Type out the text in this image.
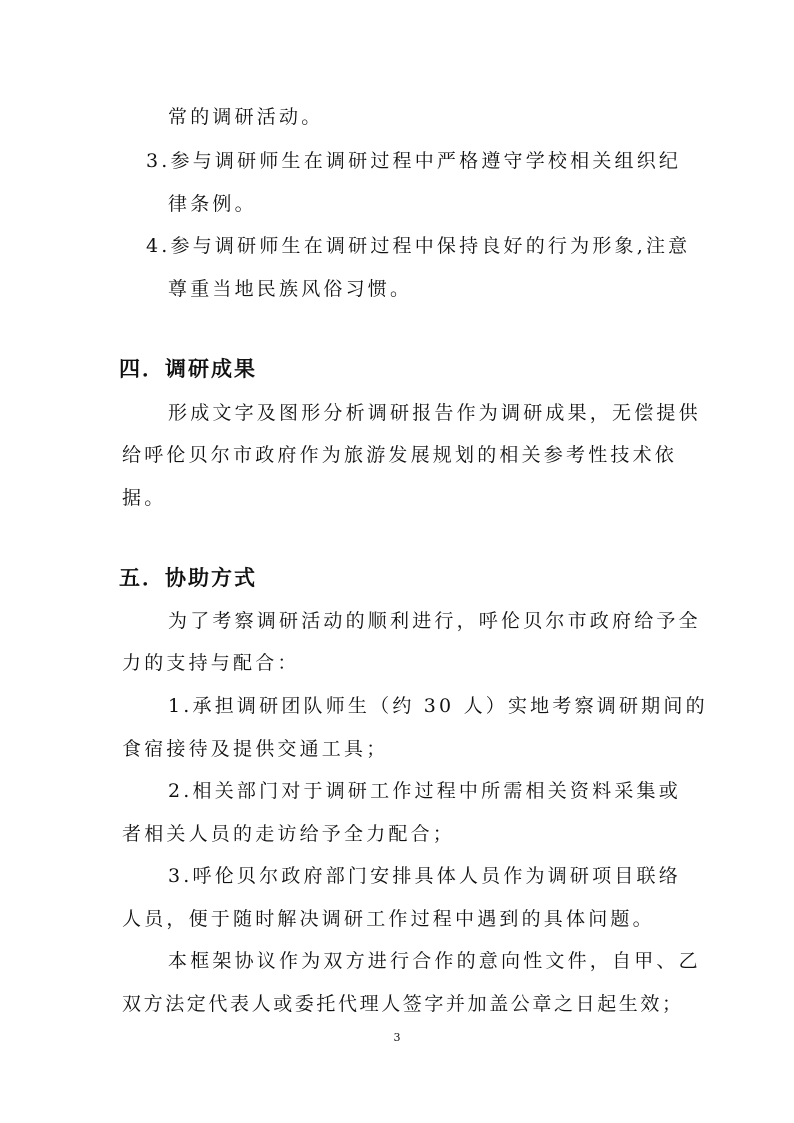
常的调研活动。
3.参与调研师生在调研过程中严格遵守学校相关组织纪
律条例。
4.参与调研师生在调研过程中保持良好的行为形象,注意
尊重当地民族风俗习惯。
四．调研成果
形成文字及图形分析调研报告作为调研成果，无偿提供
给呼伦贝尔市政府作为旅游发展规划的相关参考性技术依
据。
五．协助方式
为了考察调研活动的顺利进行，呼伦贝尔市政府给予全
力的支持与配合：
1.承担调研团队师生（约 30 人）实地考察调研期间的
食宿接待及提供交通工具；
2.相关部门对于调研工作过程中所需相关资料采集或
者相关人员的走访给予全力配合；
3.呼伦贝尔政府部门安排具体人员作为调研项目联络
人员，便于随时解决调研工作过程中遇到的具体问题。
本框架协议作为双方进行合作的意向性文件，自甲、乙
双方法定代表人或委托代理人签字并加盖公章之日起生效；
3
